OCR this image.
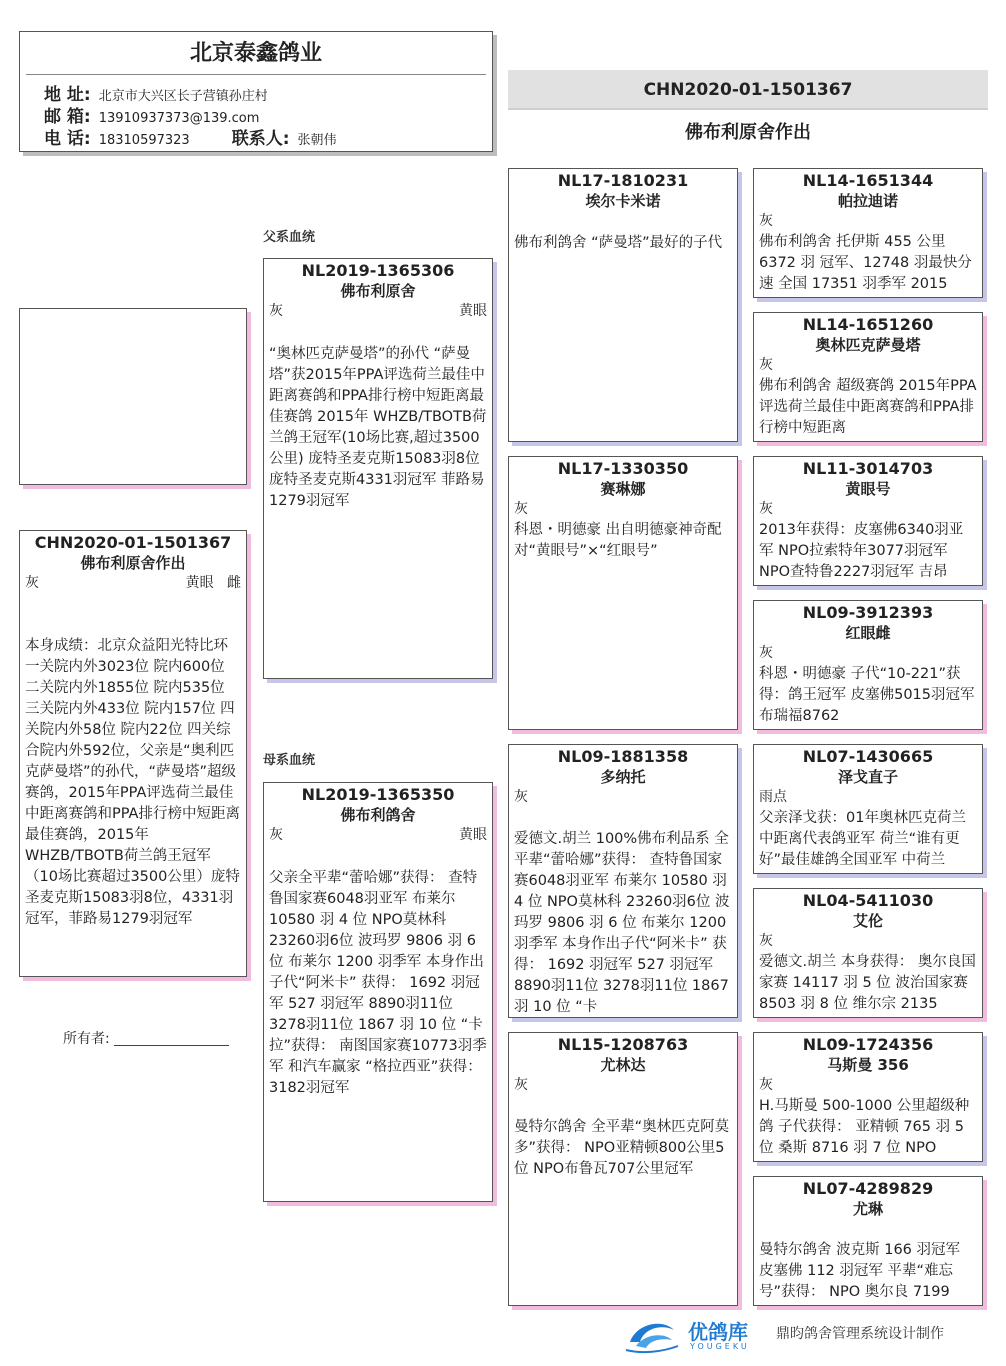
北京泰鑫鸽业
地 址: 北京市大兴区长子营镇孙庄村
邮 箱: 13910937373@139.com
电 话: 18310597323 联系人: 张朝伟
CHN2020-01-1501367
佛布利原舍作出
父系血统
母系血统
CHN2020-01-1501367
佛布利原舍作出
灰	黄眼 雌
本身成绩：北京众益阳光特比环一关院内外3023位 院内600位 二关院内外1855位 院内535位 三关院内外433位 院内157位 四关院内外58位 院内22位 四关综合院内外592位，父亲是“奥利匹克萨曼塔”的孙代，“萨曼塔”超级赛鸽，2015年PPA评选荷兰最佳中距离赛鸽和PPA排行榜中短距离最佳赛鸽，2015年WHZB/TBOTB荷兰鸽王冠军（10场比赛超过3500公里）庞特圣麦克斯15083羽8位，4331羽冠军，菲路易1279羽冠军
所有者:
NL2019-1365306
佛布利原舍
灰	黄眼
“奥林匹克萨曼塔”的孙代 “萨曼塔”获2015年PPA评选荷兰最佳中距离赛鸽和PPA排行榜中短距离最佳赛鸽 2015年 WHZB/TBOTB荷兰鸽王冠军(10场比赛,超过3500公里) 庞特圣麦克斯15083羽8位 庞特圣麦克斯4331羽冠军 菲路易1279羽冠军
NL2019-1365350
佛布利鸽舍
灰	黄眼
父亲全平辈“蕾哈娜”获得： 查特鲁国家赛6048羽亚军 布莱尔 10580 羽 4 位 NPO莫林科 23260羽6位 波玛罗 9806 羽 6 位 布莱尔 1200 羽季军 本身作出子代“阿米卡” 获得： 1692 羽冠军 527 羽冠军 8890羽11位 3278羽11位 1867 羽 10 位 “卡拉”获得： 南图国家赛10773羽季军 和汽车赢家 “格拉西亚”获得： 3182羽冠军
NL17-1810231
埃尔卡米诺
佛布利鸽舍 “萨曼塔”最好的子代
NL17-1330350
赛琳娜
灰
科恩・明德豪 出自明德豪神奇配对“黄眼号”×“红眼号”
NL09-1881358
多纳托
灰
爱德文.胡兰 100%佛布利品系 全平辈“蕾哈娜”获得： 查特鲁国家赛6048羽亚军 布莱尔 10580 羽 4 位 NPO莫林科 23260羽6位 波玛罗 9806 羽 6 位 布莱尔 1200 羽季军 本身作出子代“阿米卡” 获得： 1692 羽冠军 527 羽冠军 8890羽11位 3278羽11位 1867 羽 10 位 “卡
NL15-1208763
尤林达
灰
曼特尔鸽舍 全平辈“奥林匹克阿莫多”获得： NPO亚精顿800公里5位 NPO布鲁瓦707公里冠军
NL14-1651344
帕拉迪诺
灰
佛布利鸽舍 托伊斯 455 公里 6372 羽 冠军、12748 羽最快分速 全国 17351 羽季军 2015
NL14-1651260
奥林匹克萨曼塔
灰
佛布利鸽舍 超级赛鸽 2015年PPA评选荷兰最佳中距离赛鸽和PPA排行榜中短距离
NL11-3014703
黄眼号
灰
2013年获得：皮塞佛6340羽亚军 NPO拉索特年3077羽冠军 NPO查特鲁2227羽冠军 吉昂
NL09-3912393
红眼雌
灰
科恩・明德豪 子代“10-221”获得：鸽王冠军 皮塞佛5015羽冠军 布瑞福8762
NL07-1430665
泽戈直子
雨点
父亲泽戈获：01年奥林匹克荷兰中距离代表鸽亚军 荷兰“谁有更好”最佳雄鸽全国亚军 中荷兰
NL04-5411030
艾伦
灰
爱德文.胡兰 本身获得： 奥尔良国家赛 14117 羽 5 位 波治国家赛 8503 羽 8 位 维尔宗 2135
NL09-1724356
马斯曼 356
灰
H.马斯曼 500-1000 公里超级种鸽 子代获得： 亚精顿 765 羽 5 位 桑斯 8716 羽 7 位 NPO
NL07-4289829
尤琳
曼特尔鸽舍 波克斯 166 羽冠军 皮塞佛 112 羽冠军 平辈“难忘号”获得： NPO 奥尔良 7199
优鸽库
YOUGEKU
鼎昀鸽舍管理系统设计制作
